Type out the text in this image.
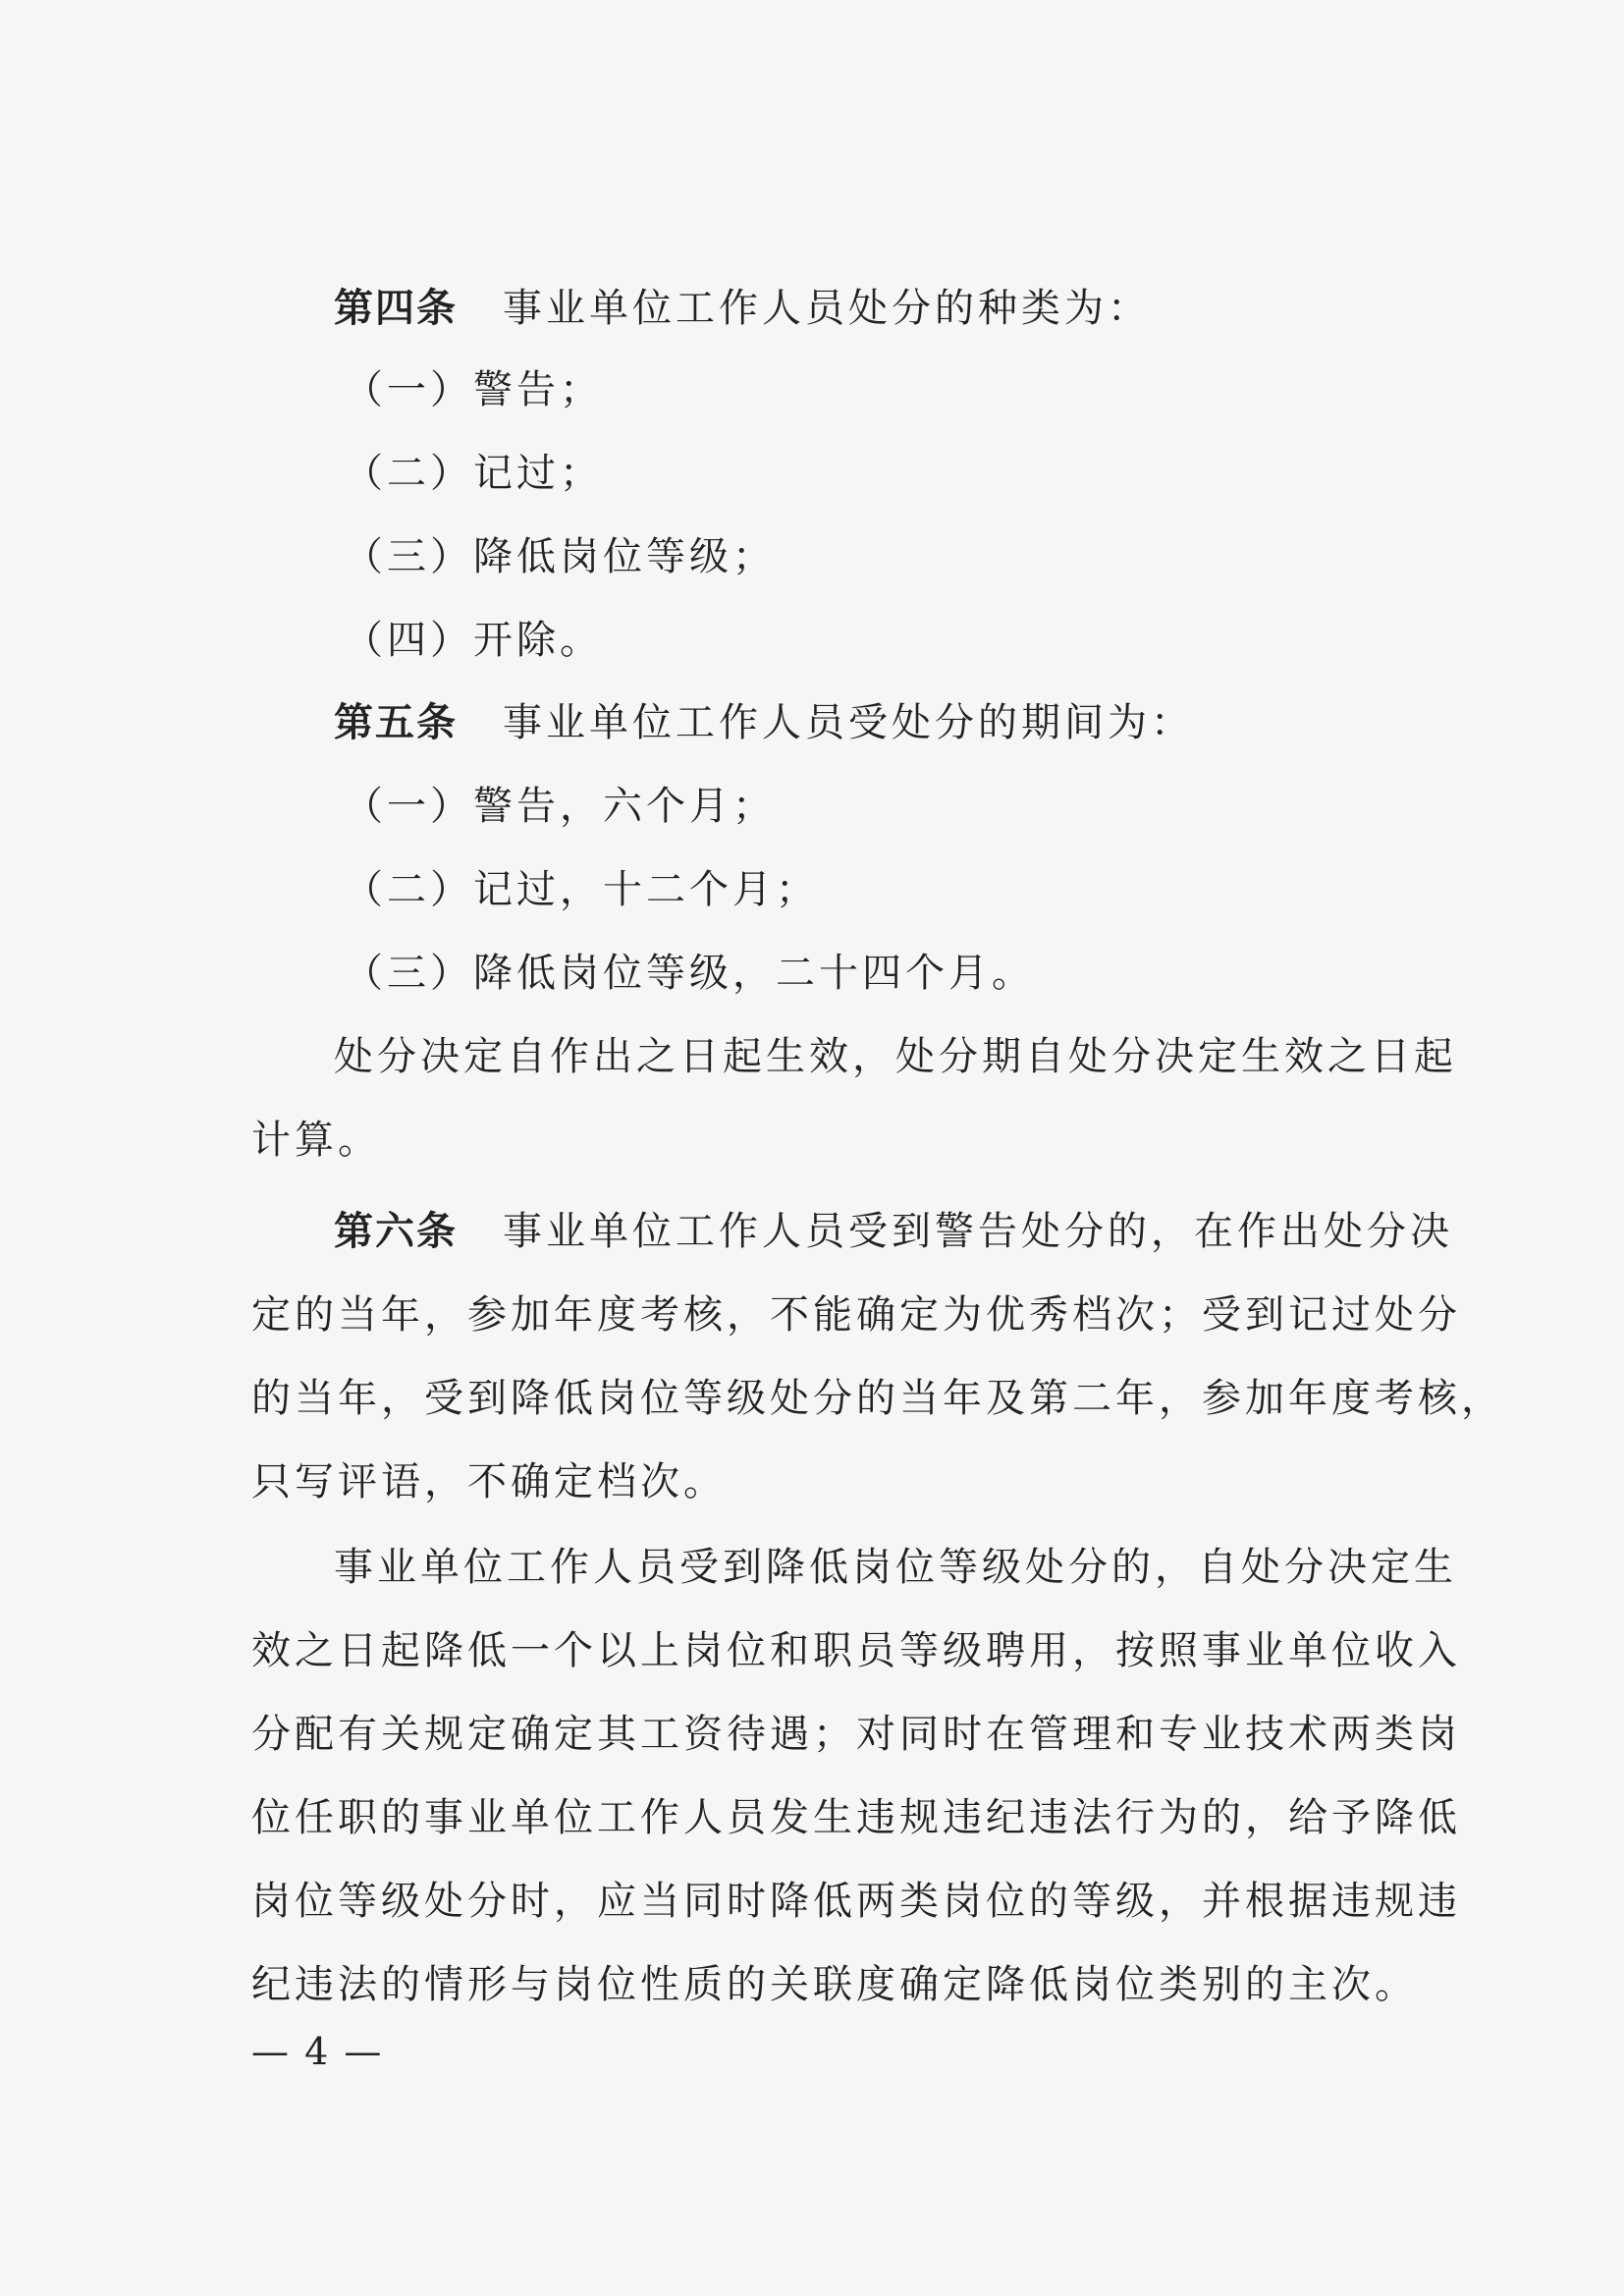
第四条 事业单位工作人员处分的种类为：
（一）警告；
（二）记过；
（三）降低岗位等级；
（四）开除。
第五条 事业单位工作人员受处分的期间为：
（一）警告，六个月；
（二）记过，十二个月；
（三）降低岗位等级，二十四个月。
处分决定自作出之日起生效，处分期自处分决定生效之日起
计算。
第六条 事业单位工作人员受到警告处分的，在作出处分决
定的当年，参加年度考核，不能确定为优秀档次；受到记过处分
的当年，受到降低岗位等级处分的当年及第二年，参加年度考核，
只写评语，不确定档次。
事业单位工作人员受到降低岗位等级处分的，自处分决定生
效之日起降低一个以上岗位和职员等级聘用，按照事业单位收入
分配有关规定确定其工资待遇；对同时在管理和专业技术两类岗
位任职的事业单位工作人员发生违规违纪违法行为的，给予降低
岗位等级处分时，应当同时降低两类岗位的等级，并根据违规违
纪违法的情形与岗位性质的关联度确定降低岗位类别的主次。
— 4 —
